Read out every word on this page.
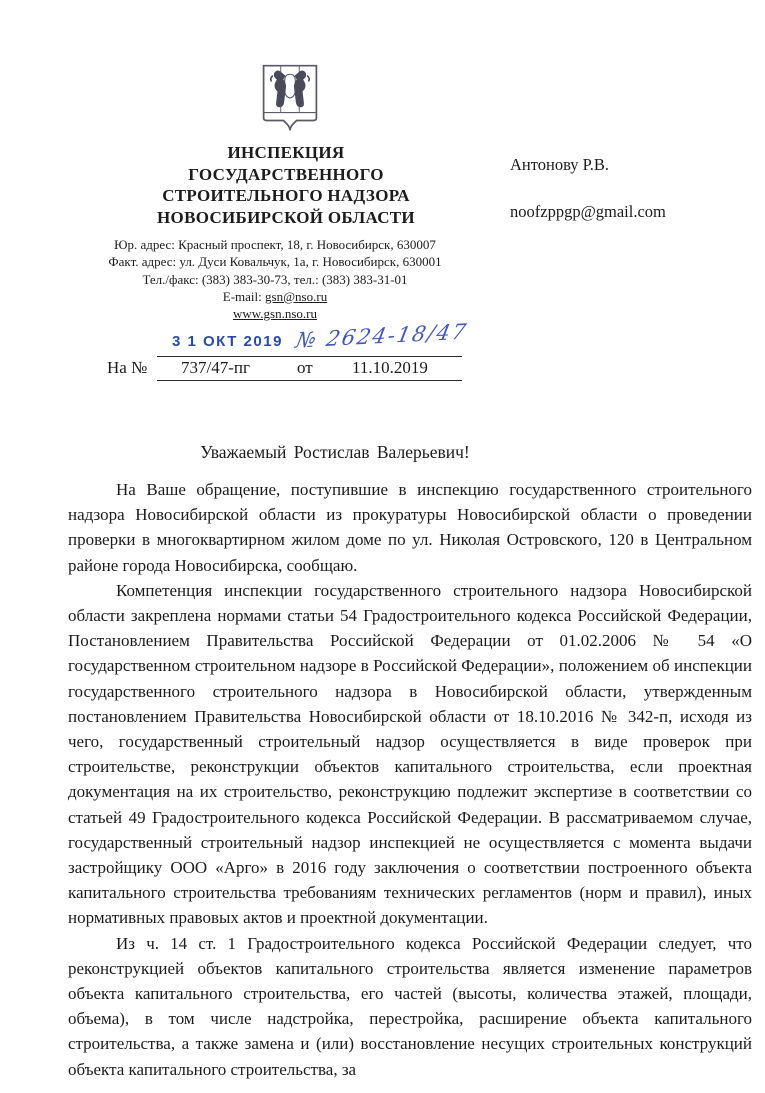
ИНСПЕКЦИЯ
ГОСУДАРСТВЕННОГО
СТРОИТЕЛЬНОГО НАДЗОРА
НОВОСИБИРСКОЙ ОБЛАСТИ
Юр. адрес: Красный проспект, 18, г. Новосибирск, 630007
Факт. адрес: ул. Дуси Ковальчук, 1а, г. Новосибирск, 630001
Тел./факс: (383) 383-30-73, тел.: (383) 383-31-01
E-mail: gsn@nso.ru
www.gsn.nso.ru
Антонову Р.В.
noofzppgp@gmail.com
3 1 ОКТ 2019 № 2624-18/47
На № 737/47-пг	от 11.10.2019
Уважаемый Ростислав Валерьевич!

На Ваше обращение, поступившие в инспекцию государственного строительного надзора Новосибирской области из прокуратуры Новосибирской области о проведении проверки в многоквартирном жилом доме по ул. Николая Островского, 120 в Центральном районе города Новосибирска, сообщаю.

Компетенция инспекции государственного строительного надзора Новосибирской области закреплена нормами статьи 54 Градостроительного кодекса Российской Федерации, Постановлением Правительства Российской Федерации от 01.02.2006 № 54 «О государственном строительном надзоре в Российской Федерации», положением об инспекции государственного строительного надзора в Новосибирской области, утвержденным постановлением Правительства Новосибирской области от 18.10.2016 № 342-п, исходя из чего, государственный строительный надзор осуществляется в виде проверок при строительстве, реконструкции объектов капитального строительства, если проектная документация на их строительство, реконструкцию подлежит экспертизе в соответствии со статьей 49 Градостроительного кодекса Российской Федерации. В рассматриваемом случае, государственный строительный надзор инспекцией не осуществляется с момента выдачи застройщику ООО «Арго» в 2016 году заключения о соответствии построенного объекта капитального строительства требованиям технических регламентов (норм и правил), иных нормативных правовых актов и проектной документации.

Из ч. 14 ст. 1 Градостроительного кодекса Российской Федерации следует, что реконструкцией объектов капитального строительства является изменение параметров объекта капитального строительства, его частей (высоты, количества этажей, площади, объема), в том числе надстройка, перестройка, расширение объекта капитального строительства, а также замена и (или) восстановление несущих строительных конструкций объекта капитального строительства, за
